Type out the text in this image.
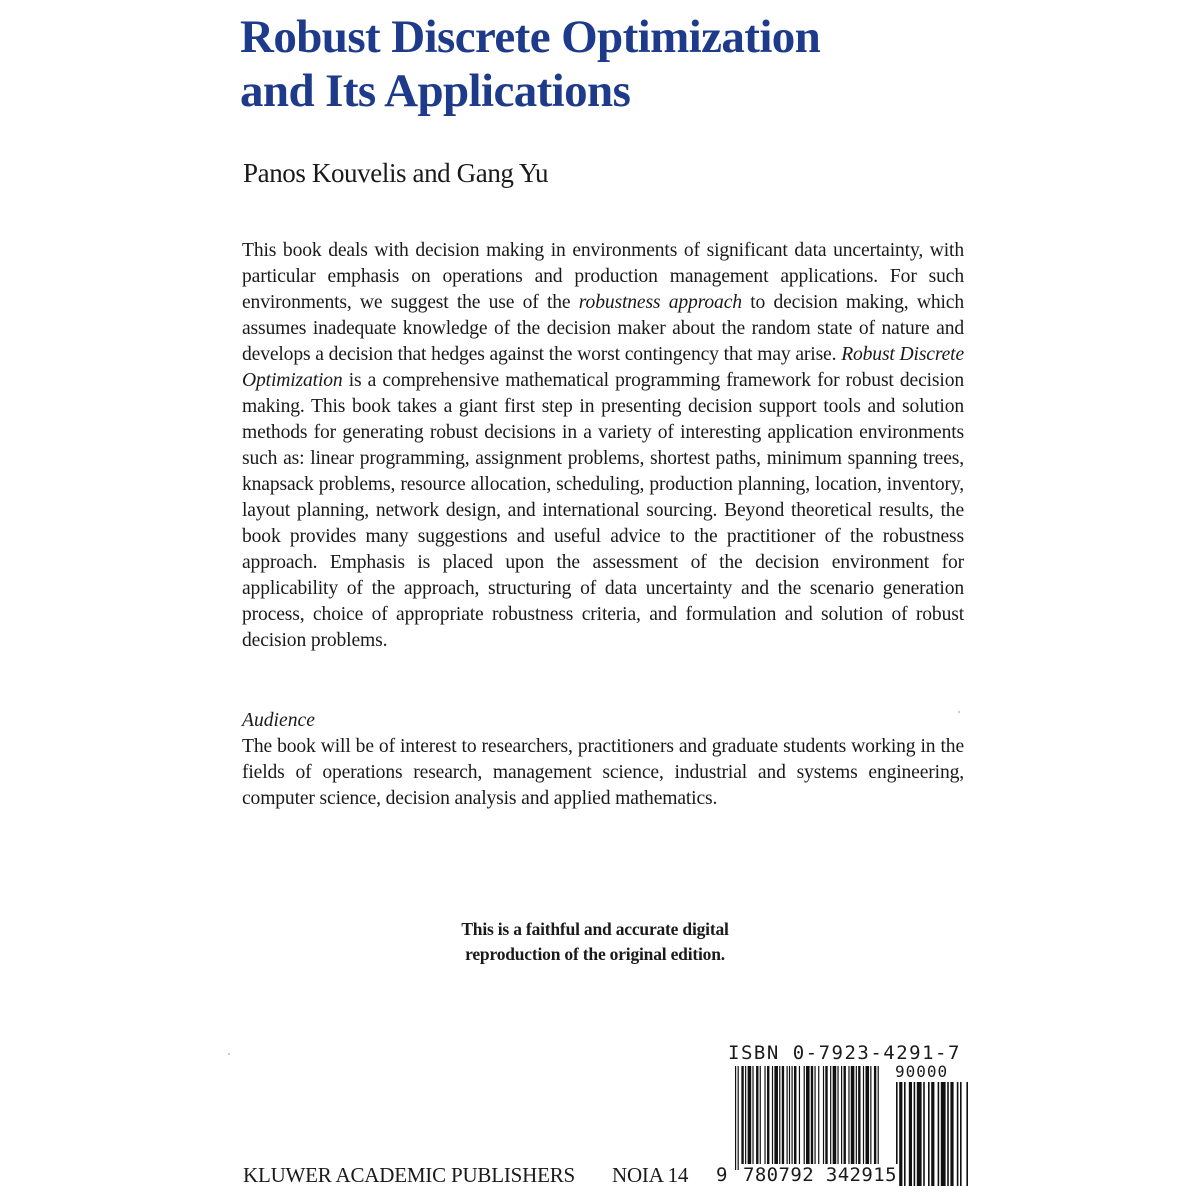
Robust Discrete Optimization
and Its Applications
Panos Kouvelis and Gang Yu

This book deals with decision making in environments of significant data uncertainty, with particular emphasis on operations and production management applications. For such environments, we suggest the use of the robustness approach to decision making, which assumes inadequate knowledge of the decision maker about the random state of nature and develops a decision that hedges against the worst contingency that may arise. Robust Discrete Optimization is a comprehensive mathematical programming framework for robust decision making. This book takes a giant first step in presenting decision support tools and solution methods for generating robust decisions in a variety of interesting application environments such as: linear programming, assignment problems, shortest paths, minimum spanning trees, knapsack problems, resource allocation, scheduling, production planning, location, inventory, layout planning, network design, and international sourcing. Beyond theoretical results, the book provides many suggestions and useful advice to the practitioner of the robustness approach. Emphasis is placed upon the assessment of the decision environment for applicability of the approach, structuring of data uncertainty and the scenario generation process, choice of appropriate robustness criteria, and formulation and solution of robust decision problems.

Audience

The book will be of interest to researchers, practitioners and graduate students working in the fields of operations research, management science, industrial and systems engineering, computer science, decision analysis and applied mathematics.

This is a faithful and accurate digital
reproduction of the original edition.
ISBN 0-7923-4291-7
90000
9 780792 342915
KLUWER ACADEMIC PUBLISHERS NOIA 14
